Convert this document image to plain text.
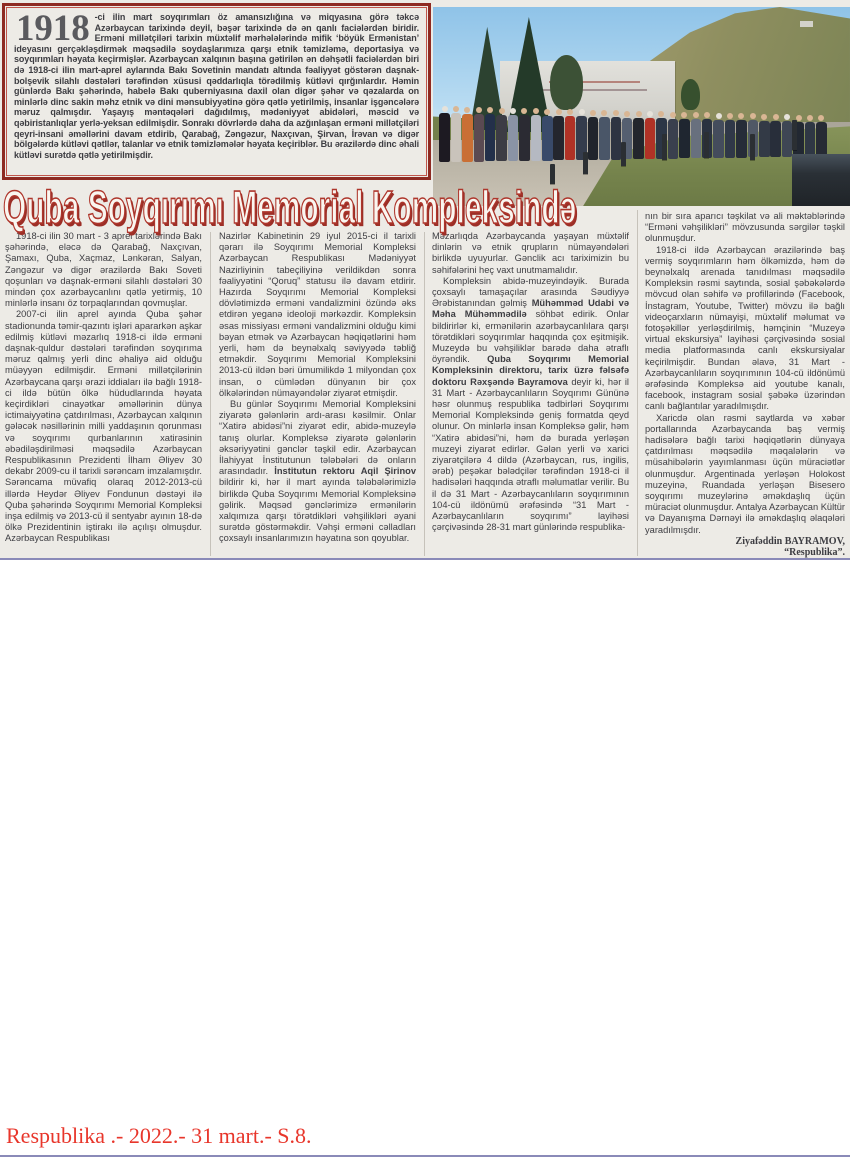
1918 -ci ilin mart soyqırımları öz amansızlığına və miqyasına görə təkcə Azərbaycan tarixində deyil, bəşər tarixində də ən qanlı faciələrdən biridir. Erməni millətçiləri tarixin müxtəlif mərhələlərində mifik ‘böyük Ermənistan’ ideyasını gerçəkləşdirmək məqsədilə soydaşlarımıza qarşı etnik təmizləmə, deportasiya və soyqırımları həyata keçirmişlər. Azərbaycan xalqının başına gətirilən ən dəhşətli faciələrdən biri də 1918-ci ilin mart-aprel aylarında Bakı Sovetinin mandatı altında fəaliyyət göstərən daşnak-bolşevik silahlı dəstələri tərəfindən xüsusi qəddarlıqla törədilmiş kütləvi qırğınlardır. Həmin günlərdə Bakı şəhərində, habelə Bakı quberniyasına daxil olan digər şəhər və qəzalarda on minlərlə dinc sakin məhz etnik və dini mənsubiyyətinə görə qətlə yetirilmiş, insanlar işgəncələrə məruz qalmışdır. Yaşayış məntəqələri dağıdılmış, mədəniyyət abidələri, məscid və qəbiristanlıqlar yerlə-yeksan edilmişdir. Sonrakı dövrlərdə daha da azğınlaşan erməni millətçiləri qeyri-insani əməllərini davam etdirib, Qarabağ, Zəngəzur, Naxçıvan, Şirvan, İrəvan və digər bölgələrdə kütləvi qətllər, talanlar və etnik təmizləmələr həyata keçiriblər. Bu ərazilərdə dinc əhali kütləvi surətdə qətlə yetirilmişdir.

Quba Soyqırımı Memorial Kompleksində

1918-ci ilin 30 mart - 3 aprel tarixlərində Bakı şəhərində, eləcə də Qarabağ, Naxçıvan, Şamaxı, Quba, Xaçmaz, Lənkəran, Salyan, Zəngəzur və digər ərazilərdə Bakı Soveti qoşunları və daşnak-erməni silahlı dəstələri 30 mindən çox azərbaycanlını qətlə yetirmiş, 10 minlərlə insanı öz torpaqlarından qovmuşlar.

2007-ci ilin aprel ayında Quba şəhər stadionunda təmir-qazıntı işləri apararkən aşkar edilmiş kütləvi məzarlıq 1918-ci ildə erməni daşnak-quldur dəstələri tərəfindən soyqırıma məruz qalmış yerli dinc əhaliyə aid olduğu müəyyən edilmişdir. Erməni millətçilərinin Azərbaycana qarşı ərazi iddiaları ilə bağlı 1918-ci ildə bütün ölkə hüdudlarında həyata keçirdikləri cinayətkar əməllərinin dünya ictimaiyyətinə çatdırılması, Azərbaycan xalqının gələcək nəsillərinin milli yaddaşının qorunması və soyqırımı qurbanlarının xatirəsinin əbədiləşdirilməsi məqsədilə Azərbaycan Respublikasının Prezidenti İlham Əliyev 30 dekabr 2009-cu il tarixli sərəncam imzalamışdır. Sərəncama müvafiq olaraq 2012-2013-cü illərdə Heydər Əliyev Fondunun dəstəyi ilə Quba şəhərində Soyqırımı Memorial Kompleksi inşa edilmiş və 2013-cü il sentyabr ayının 18-də ölkə Prezidentinin iştirakı ilə açılışı olmuşdur. Azərbaycan Respublikası

Nazirlər Kabinetinin 29 iyul 2015-ci il tarixli qərarı ilə Soyqırımı Memorial Kompleksi Azərbaycan Respublikası Mədəniyyət Nazirliyinin tabeçiliyinə verildikdən sonra fəaliyyətini “Qoruq” statusu ilə davam etdirir. Hazırda Soyqırımı Memorial Kompleksi dövlətimizdə erməni vandalizmini özündə əks etdirən yeganə ideoloji mərkəzdir. Kompleksin əsas missiyası erməni vandalizmini olduğu kimi bəyan etmək və Azərbaycan həqiqətlərini həm yerli, həm də beynəlxalq səviyyədə təbliğ etməkdir. Soyqırımı Memorial Kompleksini 2013-cü ildən bəri ümumilikdə 1 milyondan çox insan, o cümlədən dünyanın bir çox ölkələrindən nümayəndələr ziyarət etmişdir.

Bu günlər Soyqırımı Memorial Kompleksini ziyarətə gələnlərin ardı-arası kəsilmir. Onlar “Xatirə abidəsi”ni ziyarət edir, abidə-muzeylə tanış olurlar. Kompleksə ziyarətə gələnlərin əksəriyyətini gənclər təşkil edir. Azərbaycan İlahiyyat İnstitutunun tələbələri də onların arasındadır. İnstitutun rektoru Aqil Şirinov bildirir ki, hər il mart ayında tələbələrimizlə birlikdə Quba Soyqırımı Memorial Kompleksinə gəlirik. Məqsəd gənclərimizə ermənilərin xalqımıza qarşı törətdikləri vəhşilikləri əyani surətdə göstərməkdir. Vəhşi erməni cəlladları çoxsaylı insanlarımızın həyatına son qoyublar.

Məzarlıqda Azərbaycanda yaşayan müxtəlif dinlərin və etnik qrupların nümayəndələri birlikdə uyuyurlar. Gənclik acı tariximizin bu səhifələrini heç vaxt unutmamalıdır.

Kompleksin abidə-muzeyindəyik. Burada çoxsaylı tamaşaçılar arasında Səudiyyə Ərəbistanından gəlmiş Mühəmməd Udabi və Məha Mühəmmədilə söhbət edirik. Onlar bildirirlər ki, ermənilərin azərbaycanlılara qarşı törətdikləri soyqırımlar haqqında çox eşitmişik. Muzeydə bu vəhşiliklər barədə daha ətraflı öyrəndik. Quba Soyqırımı Memorial Kompleksinin direktoru, tarix üzrə fəlsəfə doktoru Rəxşəndə Bayramova deyir ki, hər il 31 Mart - Azərbaycanlıların Soyqırımı Gününə həsr olunmuş respublika tədbirləri Soyqırımı Memorial Kompleksində geniş formatda qeyd olunur. On minlərlə insan Kompleksə gəlir, həm “Xatirə abidəsi”ni, həm də burada yerləşən muzeyi ziyarət edirlər. Gələn yerli və xarici ziyarətçilərə 4 dildə (Azərbaycan, rus, ingilis, ərəb) peşəkar bələdçilər tərəfindən 1918-ci il hadisələri haqqında ətraflı məlumatlar verilir. Bu il də 31 Mart - Azərbaycanlıların soyqırımının 104-cü ildönümü ərəfəsində “31 Mart - Azərbaycanlıların soyqırımı” layihəsi çərçivəsində 28-31 mart günlərində respublika-

nın bir sıra aparıcı təşkilat və ali məktəblərində “Erməni vəhşilikləri” mövzusunda sərgilər təşkil olunmuşdur.

1918-ci ildə Azərbaycan ərazilərində baş vermiş soyqırımların həm ölkəmizdə, həm də beynəlxalq arenada tanıdılması məqsədilə Kompleksin rəsmi saytında, sosial şəbəkələrdə mövcud olan səhifə və profillərində (Facebook, İnstagram, Youtube, Twitter) mövzu ilə bağlı videoçarxların nümayişi, müxtəlif məlumat və fotoşəkillər yerləşdirilmiş, həmçinin “Muzeyə virtual ekskursiya” layihəsi çərçivəsində sosial media platformasında canlı ekskursiyalar keçirilmişdir. Bundan əlavə, 31 Mart - Azərbaycanlıların soyqırımının 104-cü ildönümü ərəfəsində Kompleksə aid youtube kanalı, facebook, instagram sosial şəbəkə üzərindən canlı bağlantılar yaradılmışdır.

Xaricdə olan rəsmi saytlarda və xəbər portallarında Azərbaycanda baş vermiş hadisələrə bağlı tarixi həqiqətlərin dünyaya çatdırılması məqsədilə məqalələrin və müsahibələrin yayımlanması üçün müraciətlər olunmuşdur. Argentinada yerləşən Holokost muzeyinə, Ruandada yerləşən Bisesero soyqırımı muzeylərinə əməkdaşlıq üçün müraciət olunmuşdur. Antalya Azərbaycan Kültür və Dayanışma Dərnəyi ilə əməkdaşlıq əlaqələri yaradılmışdır.

Ziyafəddin BAYRAMOV,

“Respublika”.

Respublika .- 2022.- 31 mart.- S.8.
